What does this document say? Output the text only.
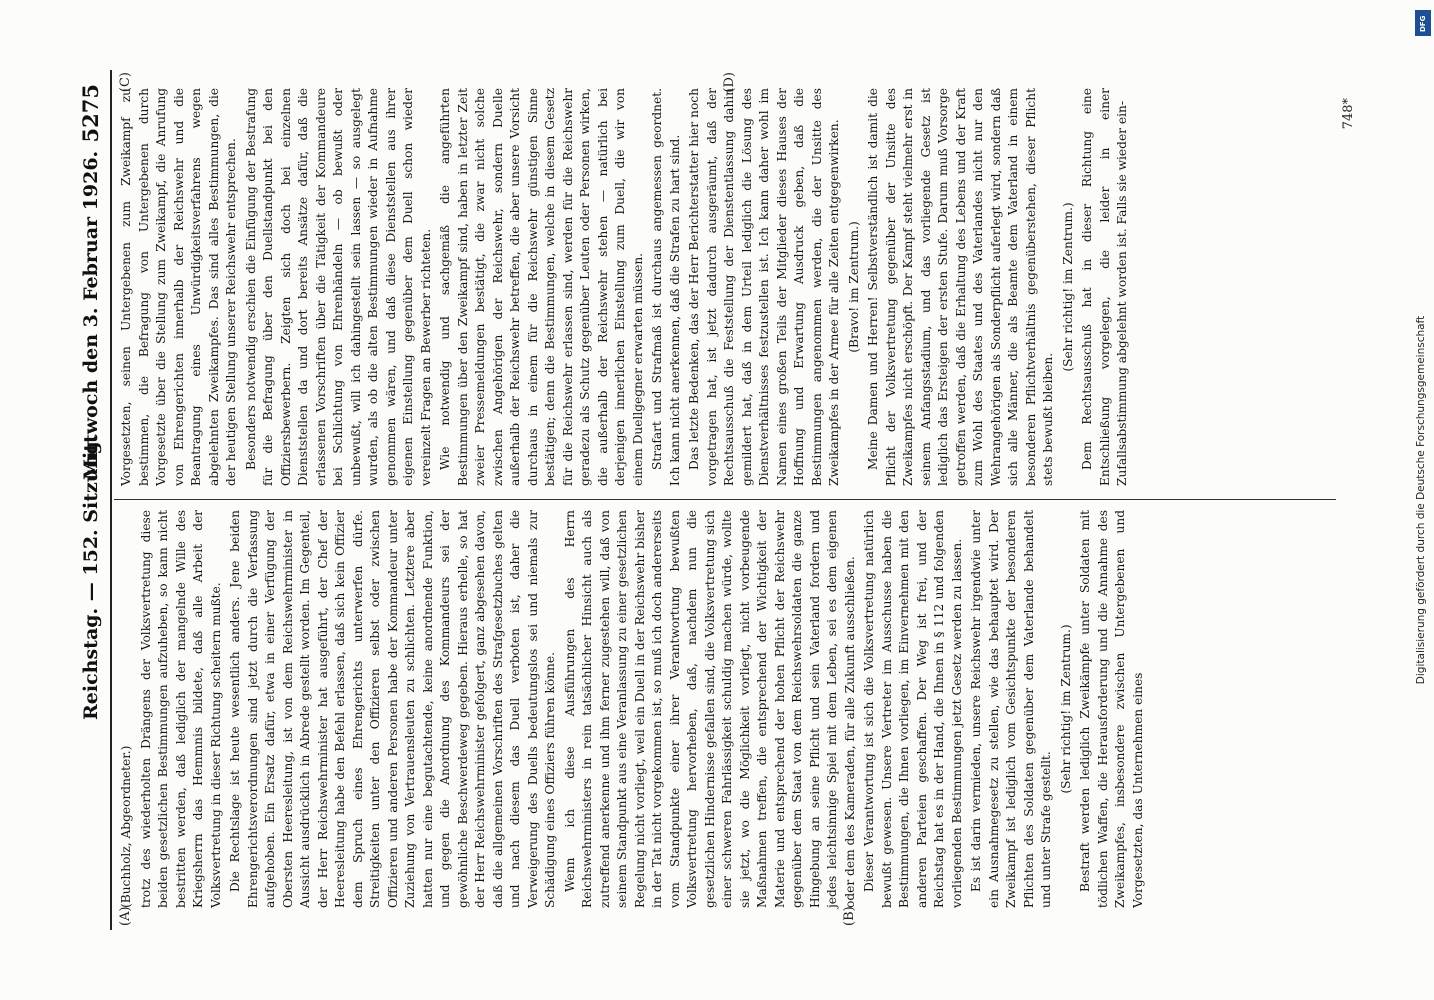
Reichstag. — 152. Sitzung.
Mittwoch den 3. Februar 1926.
5275

(Buchholz, Abgeordneter.) trotz des wiederholten Drängens der Volksvertretung diese beiden gesetzlichen Bestimmungen aufzuheben, so kann nicht bestritten werden, daß lediglich der mangelnde Wille des Kriegsherrn das Hemmnis bildete, daß alle Arbeit der Volksvertretung in dieser Richtung scheitern mußte. Die Rechtslage ist heute wesentlich anders. Jene beiden Ehrengerichtsverordnungen sind jetzt durch die Verfassung aufgehoben. Ein Ersatz dafür, etwa in einer Verfügung der Obersten Heeresleitung, ist von dem Reichswehrminister in Aussicht ausdrücklich in Abrede gestellt worden. Im Gegenteil, der Herr Reichswehrminister hat ausgeführt, der Chef der Heeresleitung habe den Befehl erlassen, daß sich kein Offizier dem Spruch eines Ehrengerichts unterwerfen dürfe. Streitigkeiten unter den Offizieren selbst oder zwischen Offizieren und anderen Personen habe der Kommandeur unter Zuziehung von Vertrauensleuten zu schlichten. Letztere aber hatten nur eine begutachtende, keine anordnende Funktion, und gegen die Anordnung des Kommandeurs sei der gewöhnliche Beschwerdeweg gegeben. Hieraus erhelle, so hat der Herr Reichswehrminister gefolgert, ganz abgesehen davon, daß die allgemeinen Vorschriften des Strafgesetzbuches gelten und nach diesem das Duell verboten ist, daher die Verweigerung des Duells bedeutungslos sei und niemals zur Schädigung eines Offiziers führen könne. Wenn ich diese Ausführungen des Herrn Reichswehrministers in rein tatsächlicher Hinsicht auch als zutreffend anerkenne und ihm ferner zugestehen will, daß von seinem Standpunkt aus eine Veranlassung zu einer gesetzlichen Regelung nicht vorliegt, weil ein Duell in der Reichswehr bisher in der Tat nicht vorgekommen ist, so muß ich doch andererseits vom Standpunkte einer ihrer Verantwortung bewußten Volksvertretung hervorheben, daß, nachdem nun die gesetzlichen Hindernisse gefallen sind, die Volksvertretung sich einer schweren Fahrlässigkeit schuldig machen würde, wollte sie jetzt, wo die Möglichkeit vorliegt, nicht vorbeugende Maßnahmen treffen, die entsprechend der Wichtigkeit der Materie und entsprechend der hohen Pflicht der Reichswehr gegenüber dem Staat von dem Reichswehrsoldaten die ganze Hingebung an seine Pflicht und sein Vaterland fordern und jedes leichtsinnige Spiel mit dem Leben, sei es dem eigenen oder dem des Kameraden, für alle Zukunft ausschließen. Dieser Verantwortung ist sich die Volksvertretung natürlich bewußt gewesen. Unsere Vertreter im Ausschusse haben die Bestimmungen, die Ihnen vorliegen, im Einvernehmen mit den anderen Parteien geschaffen. Der Weg ist frei, und der Reichstag hat es in der Hand, die Ihnen in § 112 und folgenden vorliegenden Bestimmungen jetzt Gesetz werden zu lassen. Es ist darin vermieden, unsere Reichswehr irgendwie unter ein Ausnahmegesetz zu stellen, wie das behauptet wird. Der Zweikampf ist lediglich vom Gesichtspunkte der besonderen Pflichten des Soldaten gegenüber dem Vaterlande behandelt und unter Strafe gestellt.

(Sehr richtig! im Zentrum.) Bestraft werden lediglich Zweikämpfe unter Soldaten mit tödlichen Waffen, die Herausforderung und die Annahme des Zweikampfes, insbesondere zwischen Untergebenen und Vorgesetzten, das Unternehmen eines

Vorgesetzten, seinen Untergebenen zum Zweikampf zu bestimmen, die Befragung von Untergebenen durch Vorgesetzte über die Stellung zum Zweikampf, die Anrufung von Ehrengerichten innerhalb der Reichswehr und die Beantragung eines Unwürdigkeitsverfahrens wegen abgelehnten Zweikampfes. Das sind alles Bestimmungen, die der heutigen Stellung unserer Reichswehr entsprechen. Besonders notwendig erschien die Einfügung der Bestrafung für die Befragung über den Duellstandpunkt bei den Offiziersbewerbern. Zeigten sich doch bei einzelnen Dienststellen da und dort bereits Ansätze dafür, daß die erlassenen Vorschriften über die Tätigkeit der Kommandeure bei Schlichtung von Ehrenhändeln — ob bewußt oder unbewußt, will ich dahingestellt sein lassen — so ausgelegt wurden, als ob die alten Bestimmungen wieder in Aufnahme genommen wären, und daß diese Dienststellen aus ihrer eigenen Einstellung gegenüber dem Duell schon wieder vereinzelt Fragen an Bewerber richteten. Wie notwendig und sachgemäß die angeführten Bestimmungen über den Zweikampf sind, haben in letzter Zeit zweier Pressemeldungen bestätigt, die zwar nicht solche zwischen Angehörigen der Reichswehr, sondern Duelle außerhalb der Reichswehr betreffen, die aber unsere Vorsicht durchaus in einem für die Reichswehr günstigen Sinne bestätigen; denn die Bestimmungen, welche in diesem Gesetz für die Reichswehr erlassen sind, werden für die Reichswehr geradezu als Schutz gegenüber Leuten oder Personen wirken, die außerhalb der Reichswehr stehen — natürlich bei derjenigen innerlichen Einstellung zum Duell, die wir von einem Duellgegner erwarten müssen. Strafart und Strafmaß ist durchaus angemessen geordnet. Ich kann nicht anerkennen, daß die Strafen zu hart sind. Das letzte Bedenken, das der Herr Berichterstatter hier noch vorgetragen hat, ist jetzt dadurch ausgeräumt, daß der Rechtsausschuß die Feststellung der Dienstentlassung dahin gemildert hat, daß in dem Urteil lediglich die Lösung des Dienstverhältnisses festzustellen ist. Ich kann daher wohl im Namen eines großen Teils der Mitglieder dieses Hauses der Hoffnung und Erwartung Ausdruck geben, daß die Bestimmungen angenommen werden, die der Unsitte des Zweikampfes in der Armee für alle Zeiten entgegenwirken. (Bravo! im Zentrum.) Meine Damen und Herren! Selbstverständlich ist damit die Pflicht der Volksvertretung gegenüber der Unsitte des Zweikampfes nicht erschöpft. Der Kampf steht vielmehr erst in seinem Anfangsstadium, und das vorliegende Gesetz ist lediglich das Ersteigen der ersten Stufe. Darum muß Vorsorge getroffen werden, daß die Erhaltung des Lebens und der Kraft zum Wohl des Staates und des Vaterlandes nicht nur den Wehrangehörigen als Sonderpflicht auferlegt wird, sondern daß sich alle Männer, die als Beamte dem Vaterland in einem besonderen Pflichtverhältnis gegenüberstehen, dieser Pflicht stets bewußt bleiben.

(Sehr richtig! im Zentrum.) Dem Rechtsausschuß hat in dieser Richtung eine Entschließung vorgelegen, die leider in einer Zufallsabstimmung abgelehnt worden ist. Falls sie wieder ein-

(A)	(B)
(C)	(D)
748*
Digitalisierung gefördert durch die Deutsche Forschungsgemeinschaft
DFG
